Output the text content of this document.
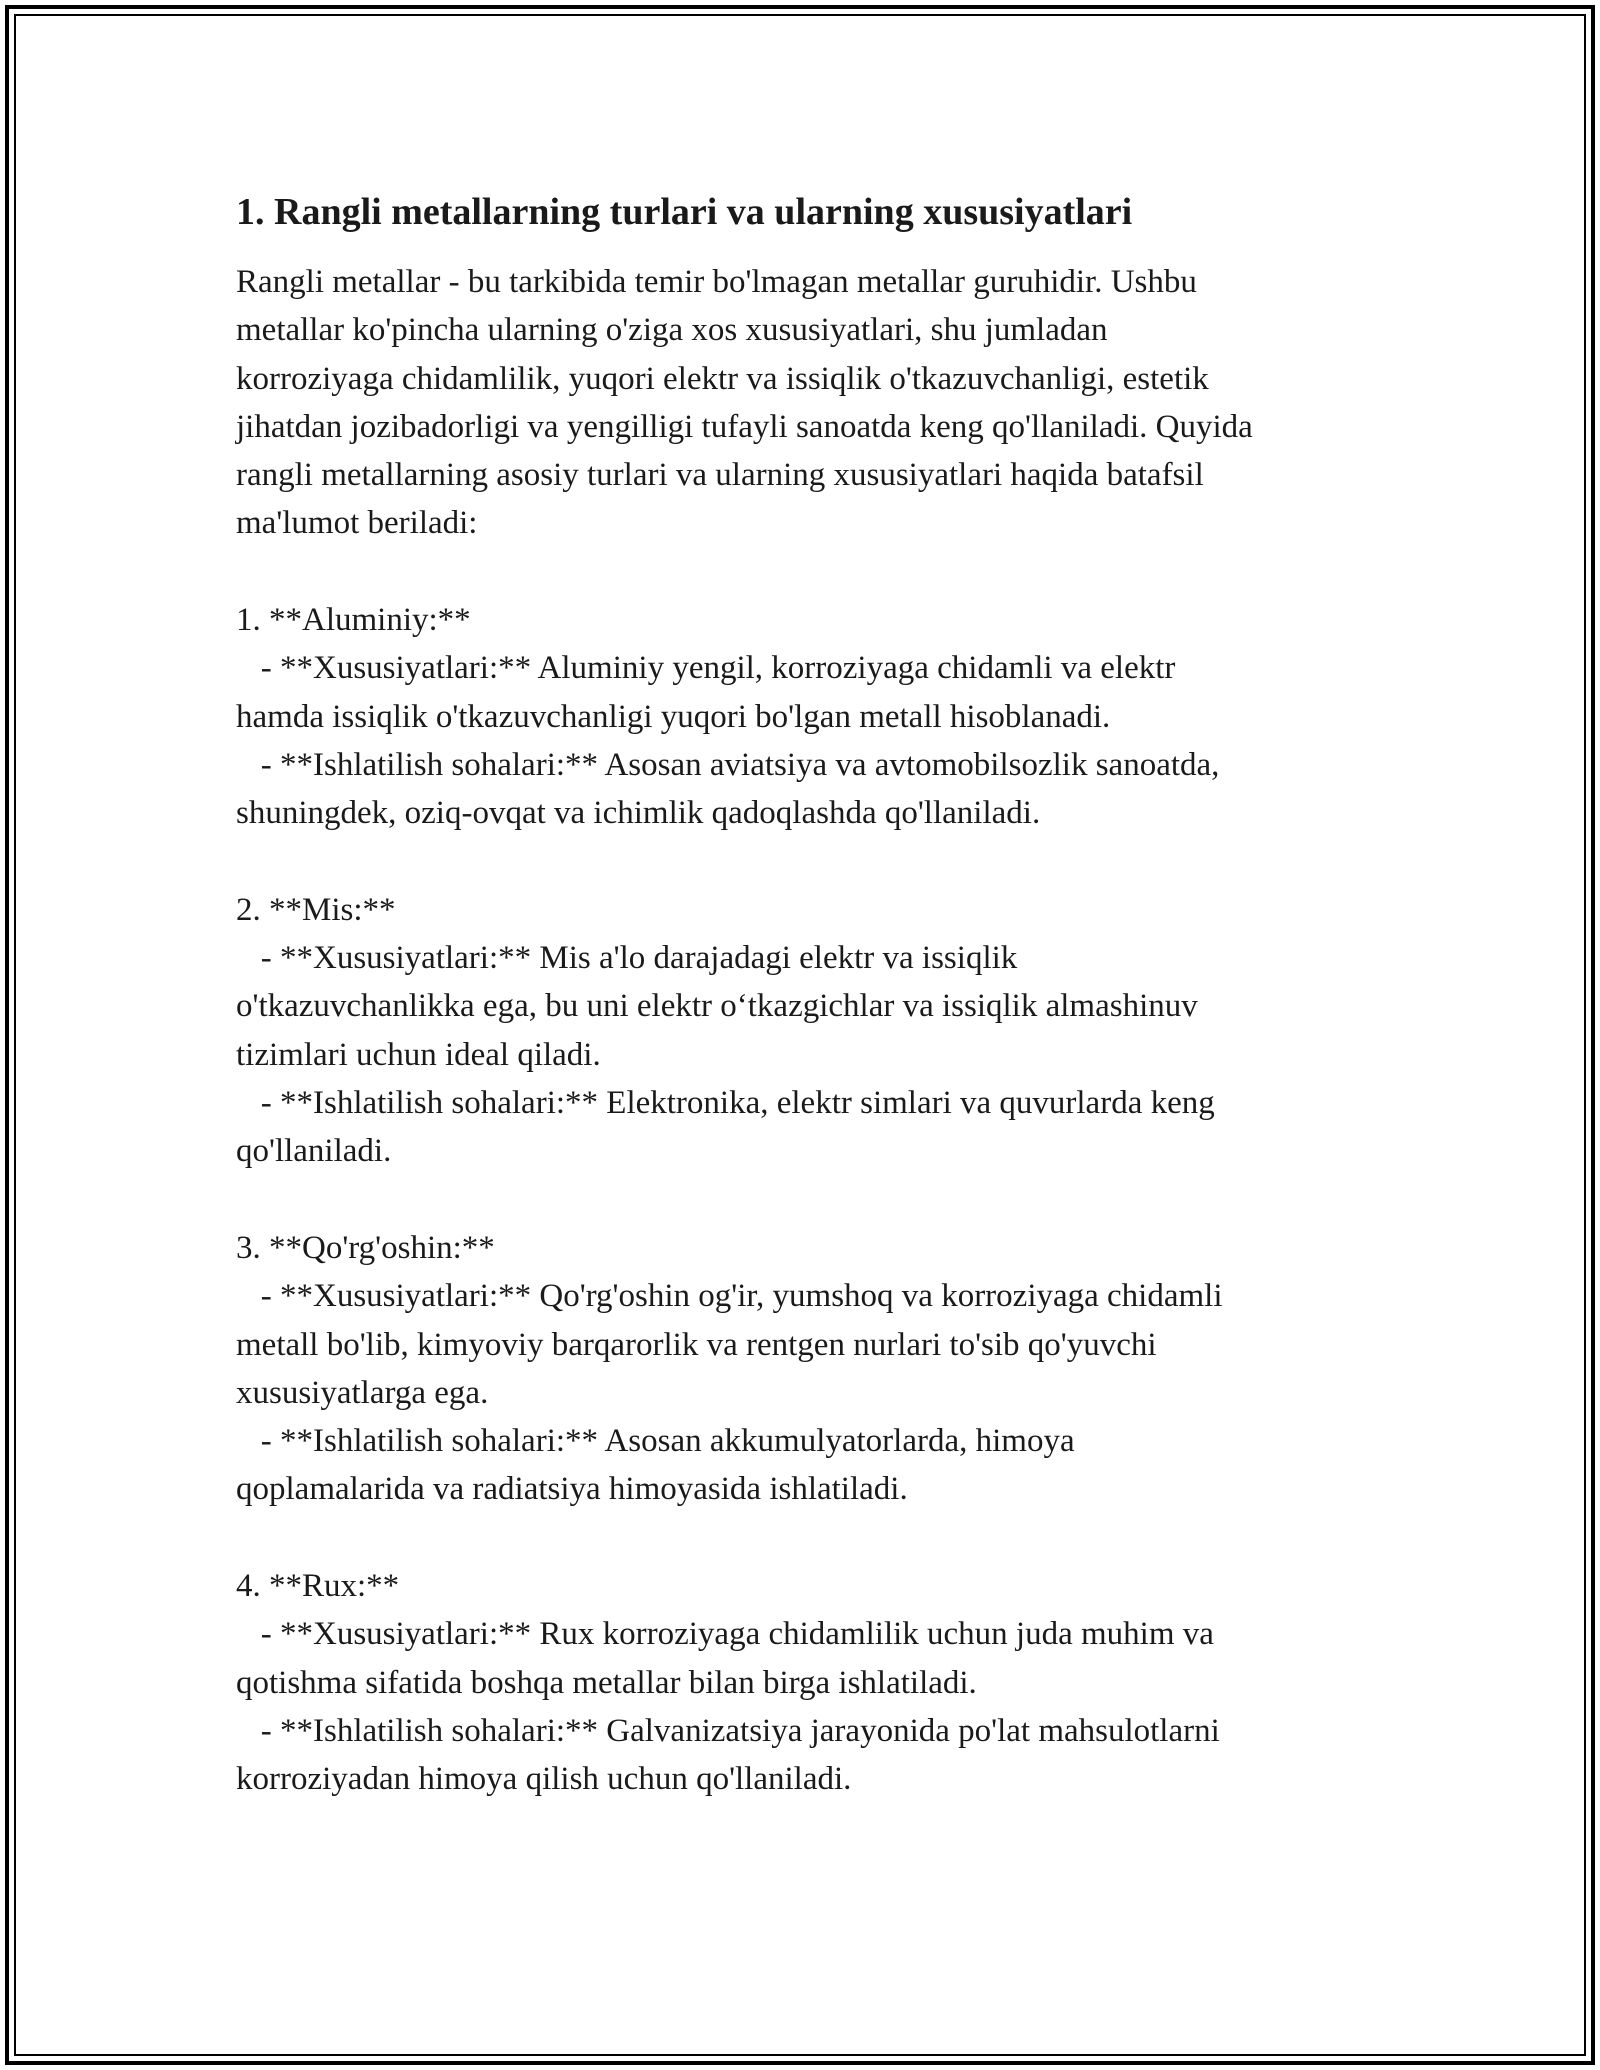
1. Rangli metallarning turlari va ularning xususiyatlari

Rangli metallar - bu tarkibida temir bo'lmagan metallar guruhidir. Ushbu
metallar ko'pincha ularning o'ziga xos xususiyatlari, shu jumladan
korroziyaga chidamlilik, yuqori elektr va issiqlik o'tkazuvchanligi, estetik
jihatdan jozibadorligi va yengilligi tufayli sanoatda keng qo'llaniladi. Quyida
rangli metallarning asosiy turlari va ularning xususiyatlari haqida batafsil
ma'lumot beriladi:

1. **Aluminiy:**
- **Xususiyatlari:** Aluminiy yengil, korroziyaga chidamli va elektr
hamda issiqlik o'tkazuvchanligi yuqori bo'lgan metall hisoblanadi.
- **Ishlatilish sohalari:** Asosan aviatsiya va avtomobilsozlik sanoatda,
shuningdek, oziq-ovqat va ichimlik qadoqlashda qo'llaniladi.

2. **Mis:**
- **Xususiyatlari:** Mis a'lo darajadagi elektr va issiqlik
o'tkazuvchanlikka ega, bu uni elektr o‘tkazgichlar va issiqlik almashinuv
tizimlari uchun ideal qiladi.
- **Ishlatilish sohalari:** Elektronika, elektr simlari va quvurlarda keng
qo'llaniladi.

3. **Qo'rg'oshin:**
- **Xususiyatlari:** Qo'rg'oshin og'ir, yumshoq va korroziyaga chidamli
metall bo'lib, kimyoviy barqarorlik va rentgen nurlari to'sib qo'yuvchi
xususiyatlarga ega.
- **Ishlatilish sohalari:** Asosan akkumulyatorlarda, himoya
qoplamalarida va radiatsiya himoyasida ishlatiladi.

4. **Rux:**
- **Xususiyatlari:** Rux korroziyaga chidamlilik uchun juda muhim va
qotishma sifatida boshqa metallar bilan birga ishlatiladi.
- **Ishlatilish sohalari:** Galvanizatsiya jarayonida po'lat mahsulotlarni
korroziyadan himoya qilish uchun qo'llaniladi.
